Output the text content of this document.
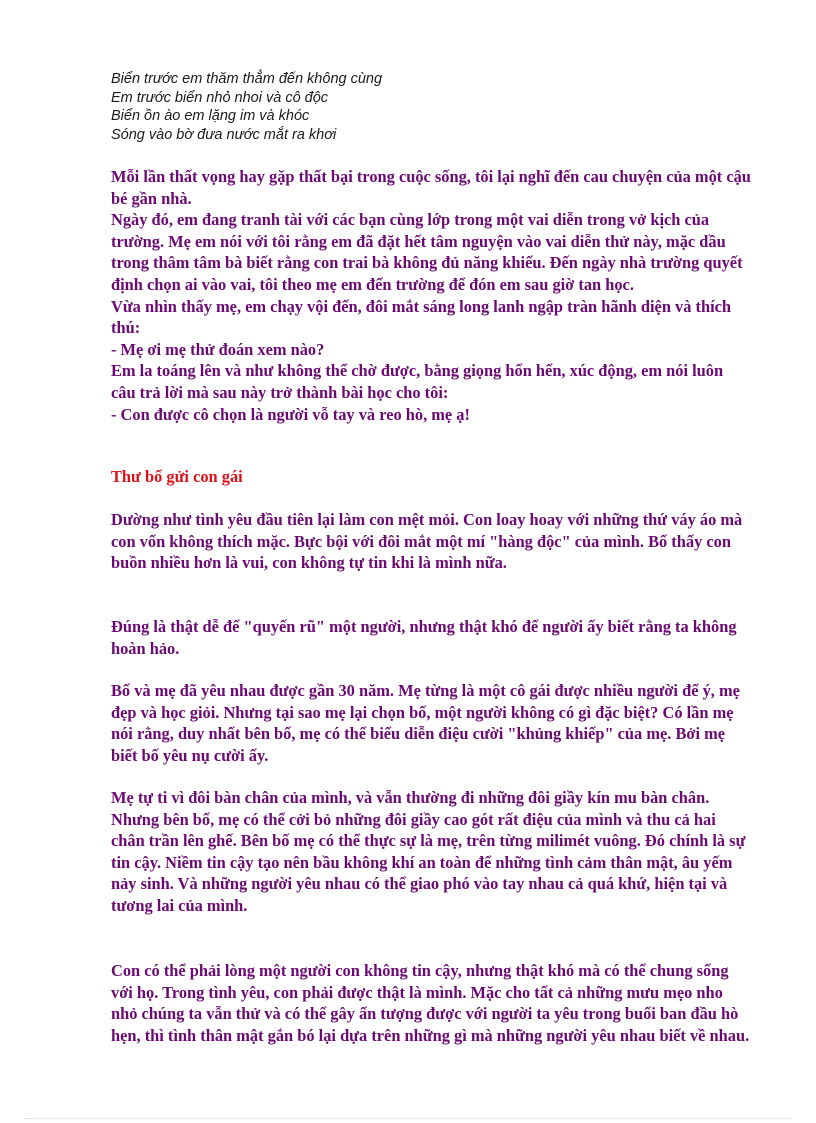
Biển trước em thăm thẳm đến không cùng
Em trước biển nhỏ nhoi và cô độc
Biển ồn ào em lặng im và khóc
Sóng vào bờ đưa nước mắt ra khơi

Mỗi lần thất vọng hay gặp thất bại trong cuộc sống, tôi lại nghĩ đến cau chuyện của một cậu bé gần nhà.

Ngày đó, em đang tranh tài với các bạn cùng lớp trong một vai diễn trong vở kịch của trường. Mẹ em nói với tôi rằng em đã đặt hết tâm nguyện vào vai diễn thử này, mặc dầu trong thâm tâm bà biết rằng con trai bà không đủ năng khiếu. Đến ngày nhà trường quyết định chọn ai vào vai, tôi theo mẹ em đến trường để đón em sau giờ tan học.

Vừa nhìn thấy mẹ, em chạy vội đến, đôi mắt sáng long lanh ngập tràn hãnh diện và thích thú:

- Mẹ ơi mẹ thử đoán xem nào?

Em la toáng lên và như không thể chờ được, bằng giọng hổn hển, xúc động, em nói luôn câu trả lời mà sau này trở thành bài học cho tôi:

- Con được cô chọn là người vỗ tay và reo hò, mẹ ạ!

Thư bố gửi con gái

Dường như tình yêu đầu tiên lại làm con mệt mỏi. Con loay hoay với những thứ váy áo mà con vốn không thích mặc. Bực bội với đôi mắt một mí "hàng độc" của mình. Bố thấy con buồn nhiều hơn là vui, con không tự tin khi là mình nữa.

Đúng là thật dễ để "quyến rũ" một người, nhưng thật khó để người ấy biết rằng ta không hoàn hảo.

Bố và mẹ đã yêu nhau được gần 30 năm. Mẹ từng là một cô gái được nhiều người để ý, mẹ đẹp và học giỏi. Nhưng tại sao mẹ lại chọn bố, một người không có gì đặc biệt? Có lần mẹ nói rằng, duy nhất bên bố, mẹ có thể biểu diễn điệu cười "khủng khiếp" của mẹ. Bởi mẹ biết bố yêu nụ cười ấy.

Mẹ tự ti vì đôi bàn chân của mình, và vẫn thường đi những đôi giầy kín mu bàn chân. Nhưng bên bố, mẹ có thể cởi bỏ những đôi giầy cao gót rất điệu của mình và thu cả hai chân trần lên ghế. Bên bố mẹ có thể thực sự là mẹ, trên từng milimét vuông. Đó chính là sự tin cậy. Niềm tin cậy tạo nên bầu không khí an toàn để những tình cảm thân mật, âu yếm nảy sinh. Và những người yêu nhau có thể giao phó vào tay nhau cả quá khứ, hiện tại và tương lai của mình.

Con có thể phải lòng một người con không tin cậy, nhưng thật khó mà có thể chung sống với họ. Trong tình yêu, con phải được thật là mình. Mặc cho tất cả những mưu mẹo nho nhỏ chúng ta vẫn thử và có thể gây ấn tượng được với người ta yêu trong buổi ban đầu hò hẹn, thì tình thân mật gắn bó lại dựa trên những gì mà những người yêu nhau biết về nhau.
